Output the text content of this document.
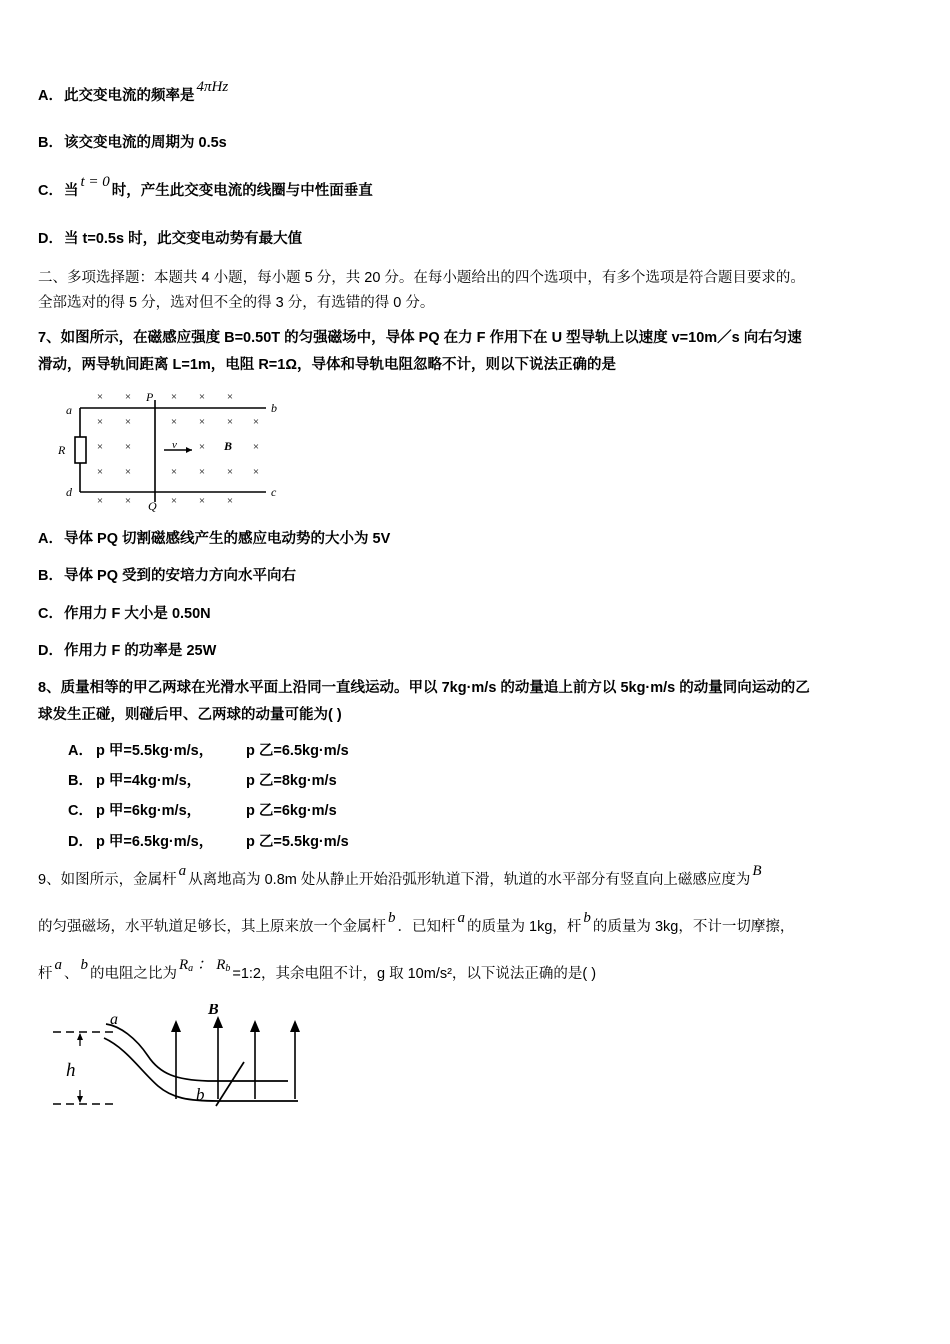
A． 此交变电流的频率是
4πHz
B． 该交变电流的周期为 0.5s
C． 当
t = 0
时，产生此交变电流的线圈与中性面垂直
D． 当 t=0.5s 时，此交变电动势有最大值
二、多项选择题：本题共 4 小题，每小题 5 分，共 20 分。在每小题给出的四个选项中，有多个选项是符合题目要求的。
全部选对的得 5 分，选对但不全的得 3 分，有选错的得 0 分。
7、如图所示，在磁感应强度 B=0.50T 的匀强磁场中，导体 PQ 在力 F 作用下在 U 型导轨上以速度 v=10m／s 向右匀速
滑动，两导轨间距离 L=1m，电阻 R=1Ω，导体和导轨电阻忽略不计，则以下说法正确的是
× ×	× × × ×
× ×	×	×
× ×	× × × ×
× ×	× × ×
× ×	× × ×
a	b
d	c
P
Q
R	v	B
A． 导体 PQ 切割磁感线产生的感应电动势的大小为 5V
B． 导体 PQ 受到的安培力方向水平向右
C． 作用力 F 大小是 0.50N
D． 作用力 F 的功率是 25W
8、质量相等的甲乙两球在光滑水平面上沿同一直线运动。甲以 7kg·m/s 的动量追上前方以 5kg·m/s 的动量同向运动的乙
球发生正碰，则碰后甲、乙两球的动量可能为( )
A． p 甲=5.5kg·m/s，	p 乙=6.5kg·m/s
B． p 甲=4kg·m/s，	p 乙=8kg·m/s
C． p 甲=6kg·m/s，	p 乙=6kg·m/s
D． p 甲=6.5kg·m/s，	p 乙=5.5kg·m/s
9、如图所示，金属杆a从离地高为 0.8m 处从静止开始沿弧形轨道下滑，轨道的水平部分有竖直向上磁感应度为B
的匀强磁场，水平轨道足够长，其上原来放一个金属杆b．已知杆a的质量为 1kg，杆b的质量为 3kg，不计一切摩擦，
杆a、b的电阻之比为$R_a$ ： $R_b$ =1:2，其余电阻不计，g 取 10m/s²，以下说法正确的是( )
h
a
b
B
